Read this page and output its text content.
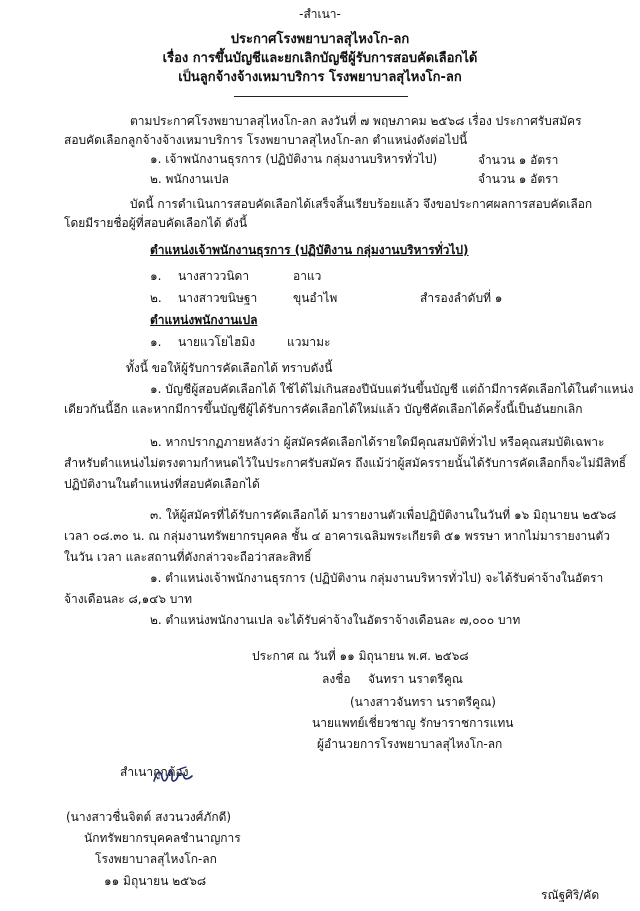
-สำเนา-
ประกาศโรงพยาบาลสุไหงโก-ลก
เรื่อง การขึ้นบัญชีและยกเลิกบัญชีผู้รับการสอบคัดเลือกได้
เป็นลูกจ้างจ้างเหมาบริการ โรงพยาบาลสุไหงโก-ลก
ตามประกาศโรงพยาบาลสุไหงโก-ลก ลงวันที่ ๗ พฤษภาคม ๒๕๖๘ เรื่อง ประกาศรับสมัคร
สอบคัดเลือกลูกจ้างจ้างเหมาบริการ โรงพยาบาลสุไหงโก-ลก ตำแหน่งดังต่อไปนี้
๑. เจ้าพนักงานธุรการ (ปฏิบัติงาน กลุ่มงานบริหารทั่วไป)	จำนวน ๑ อัตรา
๒. พนักงานเปล	จำนวน ๑ อัตรา
บัดนี้ การดำเนินการสอบคัดเลือกได้เสร็จสิ้นเรียบร้อยแล้ว จึงขอประกาศผลการสอบคัดเลือก
โดยมีรายชื่อผู้ที่สอบคัดเลือกได้ ดังนี้
ตำแหน่งเจ้าพนักงานธุรการ (ปฏิบัติงาน กลุ่มงานบริหารทั่วไป)
๑. นางสาววนิดา	อาแว
๒. นางสาวขนิษฐา	ขุนอำไพ	สำรองลำดับที่ ๑
ตำแหน่งพนักงานเปล
๑. นายแวโยไฮมิง	แวมามะ
ทั้งนี้ ขอให้ผู้รับการคัดเลือกได้ ทราบดังนี้
๑. บัญชีผู้สอบคัดเลือกได้ ใช้ได้ไม่เกินสองปีนับแต่วันขึ้นบัญชี แต่ถ้ามีการคัดเลือกได้ในตำแหน่ง
เดียวกันนี้อีก และหากมีการขึ้นบัญชีผู้ได้รับการคัดเลือกได้ใหม่แล้ว บัญชีคัดเลือกได้ครั้งนี้เป็นอันยกเลิก
๒. หากปรากฏภายหลังว่า ผู้สมัครคัดเลือกได้รายใดมีคุณสมบัติทั่วไป หรือคุณสมบัติเฉพาะ
สำหรับตำแหน่งไม่ตรงตามกำหนดไว้ในประกาศรับสมัคร ถึงแม้ว่าผู้สมัครรายนั้นได้รับการคัดเลือกก็จะไม่มีสิทธิ์
ปฏิบัติงานในตำแหน่งที่สอบคัดเลือกได้
๓. ให้ผู้สมัครที่ได้รับการคัดเลือกได้ มารายงานตัวเพื่อปฏิบัติงานในวันที่ ๑๖ มิถุนายน ๒๕๖๘
เวลา ๐๘.๓๐ น. ณ กลุ่มงานทรัพยากรบุคคล ชั้น ๔ อาคารเฉลิมพระเกียรติ ๕๑ พรรษา หากไม่มารายงานตัว
ในวัน เวลา และสถานที่ดังกล่าวจะถือว่าสละสิทธิ์
๑. ตำแหน่งเจ้าพนักงานธุรการ (ปฏิบัติงาน กลุ่มงานบริหารทั่วไป) จะได้รับค่าจ้างในอัตรา
จ้างเดือนละ ๘,๑๔๖ บาท
๒. ตำแหน่งพนักงานเปล จะได้รับค่าจ้างในอัตราจ้างเดือนละ ๗,๐๐๐ บาท
ประกาศ ณ วันที่ ๑๑ มิถุนายน พ.ศ. ๒๕๖๘
ลงชื่อ จันทรา นราตรีคูณ
(นางสาวจันทรา นราตรีคูณ)
นายแพทย์เชี่ยวชาญ รักษาราชการแทน
ผู้อำนวยการโรงพยาบาลสุไหงโก-ลก
สำเนาถูกต้อง
(นางสาวชื่นจิตต์ สงวนวงศ์ภักดี)
นักทรัพยากรบุคคลชำนาญการ
โรงพยาบาลสุไหงโก-ลก
๑๑ มิถุนายน ๒๕๖๘
รณัฐศิริ/คัด
